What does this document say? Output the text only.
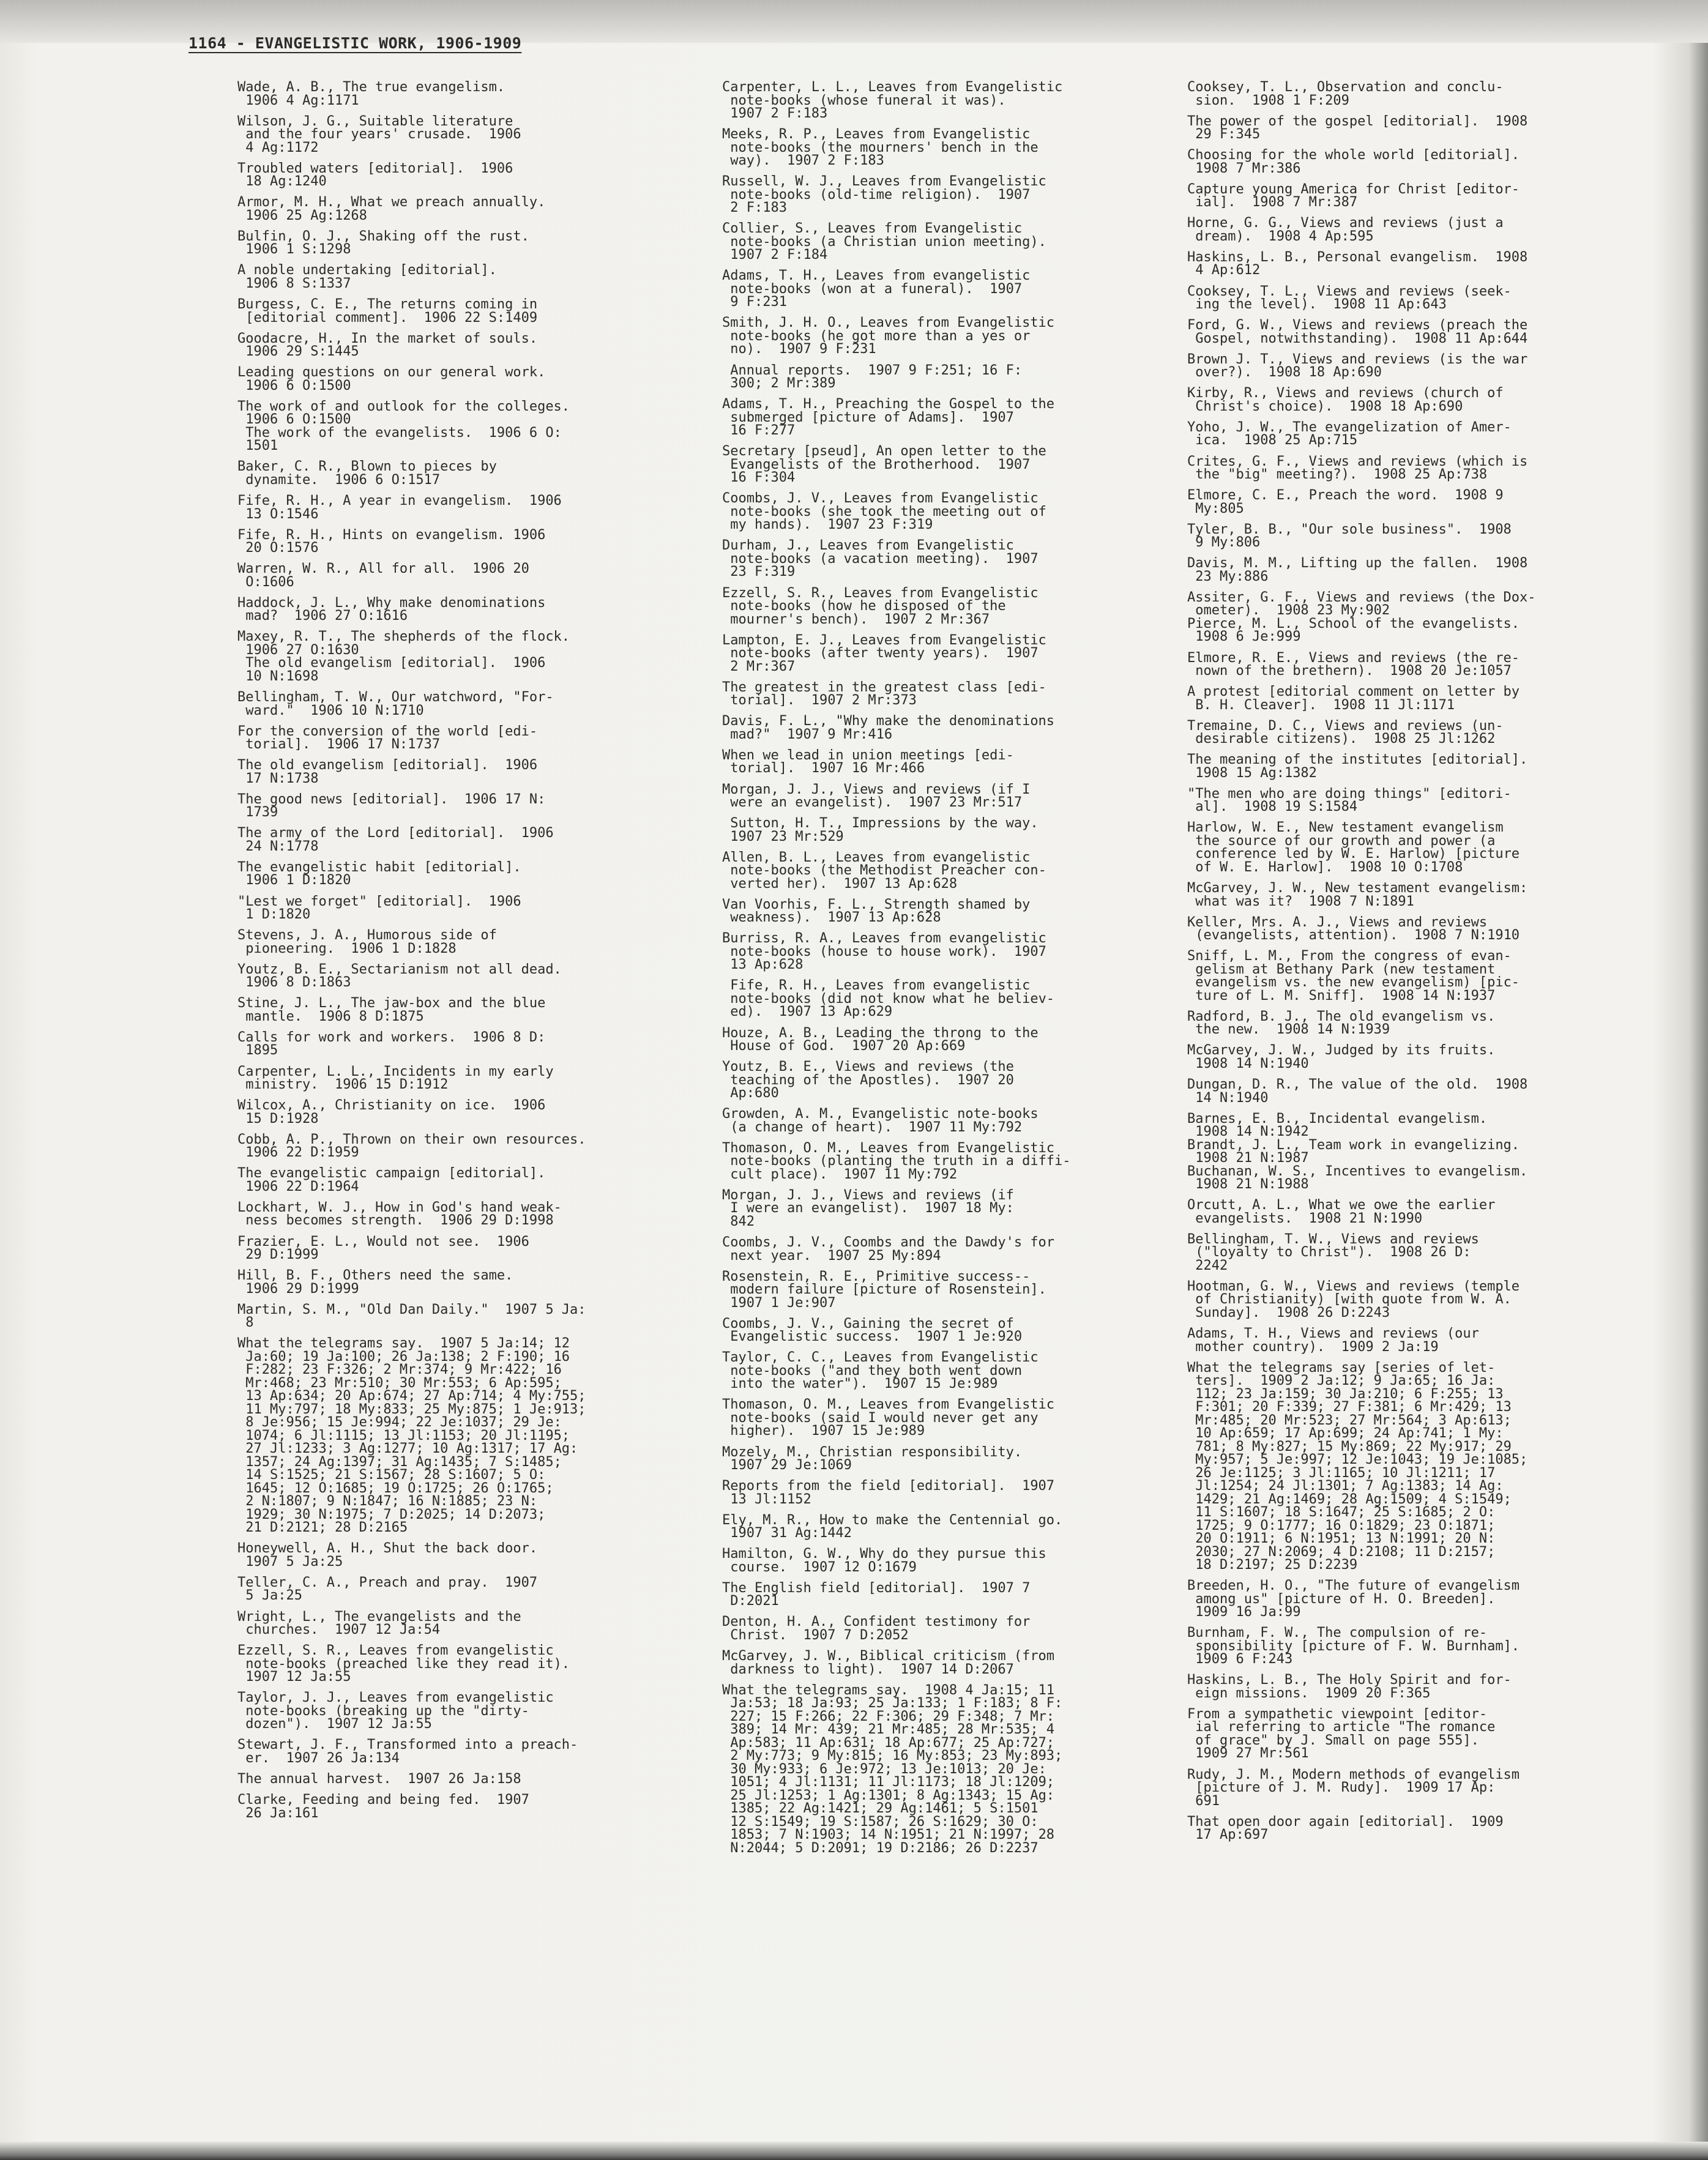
1164 - EVANGELISTIC WORK, 1906-1909
Wade, A. B., The true evangelism.
1906 4 Ag:1171
Wilson, J. G., Suitable literature
and the four years' crusade.  1906
4 Ag:1172
Troubled waters [editorial].  1906
18 Ag:1240
Armor, M. H., What we preach annually.
1906 25 Ag:1268
Bulfin, O. J., Shaking off the rust.
1906 1 S:1298
A noble undertaking [editorial].
1906 8 S:1337
Burgess, C. E., The returns coming in
[editorial comment].  1906 22 S:1409
Goodacre, H., In the market of souls.
1906 29 S:1445
Leading questions on our general work.
1906 6 O:1500
The work of and outlook for the colleges.
1906 6 O:1500
The work of the evangelists.  1906 6 O:
1501
Baker, C. R., Blown to pieces by
dynamite.  1906 6 O:1517
Fife, R. H., A year in evangelism.  1906
13 O:1546
Fife, R. H., Hints on evangelism. 1906
20 O:1576
Warren, W. R., All for all.  1906 20
O:1606
Haddock, J. L., Why make denominations
mad?  1906 27 O:1616
Maxey, R. T., The shepherds of the flock.
1906 27 O:1630
The old evangelism [editorial].  1906
10 N:1698
Bellingham, T. W., Our watchword, "For-
ward."  1906 10 N:1710
For the conversion of the world [edi-
torial].  1906 17 N:1737
The old evangelism [editorial].  1906
17 N:1738
The good news [editorial].  1906 17 N:
1739
The army of the Lord [editorial].  1906
24 N:1778
The evangelistic habit [editorial].
1906 1 D:1820
"Lest we forget" [editorial].  1906
1 D:1820
Stevens, J. A., Humorous side of
pioneering.  1906 1 D:1828
Youtz, B. E., Sectarianism not all dead.
1906 8 D:1863
Stine, J. L., The jaw-box and the blue
mantle.  1906 8 D:1875
Calls for work and workers.  1906 8 D:
1895
Carpenter, L. L., Incidents in my early
ministry.  1906 15 D:1912
Wilcox, A., Christianity on ice.  1906
15 D:1928
Cobb, A. P., Thrown on their own resources.
1906 22 D:1959
The evangelistic campaign [editorial].
1906 22 D:1964
Lockhart, W. J., How in God's hand weak-
ness becomes strength.  1906 29 D:1998
Frazier, E. L., Would not see.  1906
29 D:1999
Hill, B. F., Others need the same.
1906 29 D:1999
Martin, S. M., "Old Dan Daily."  1907 5 Ja:
8
What the telegrams say.  1907 5 Ja:14; 12
Ja:60; 19 Ja:100; 26 Ja:138; 2 F:190; 16
F:282; 23 F:326; 2 Mr:374; 9 Mr:422; 16
Mr:468; 23 Mr:510; 30 Mr:553; 6 Ap:595;
13 Ap:634; 20 Ap:674; 27 Ap:714; 4 My:755;
11 My:797; 18 My:833; 25 My:875; 1 Je:913;
8 Je:956; 15 Je:994; 22 Je:1037; 29 Je:
1074; 6 Jl:1115; 13 Jl:1153; 20 Jl:1195;
27 Jl:1233; 3 Ag:1277; 10 Ag:1317; 17 Ag:
1357; 24 Ag:1397; 31 Ag:1435; 7 S:1485;
14 S:1525; 21 S:1567; 28 S:1607; 5 O:
1645; 12 O:1685; 19 O:1725; 26 O:1765;
2 N:1807; 9 N:1847; 16 N:1885; 23 N:
1929; 30 N:1975; 7 D:2025; 14 D:2073;
21 D:2121; 28 D:2165
Honeywell, A. H., Shut the back door.
1907 5 Ja:25
Teller, C. A., Preach and pray.  1907
5 Ja:25
Wright, L., The evangelists and the
churches.  1907 12 Ja:54
Ezzell, S. R., Leaves from evangelistic
note-books (preached like they read it).
1907 12 Ja:55
Taylor, J. J., Leaves from evangelistic
note-books (breaking up the "dirty-
dozen").  1907 12 Ja:55
Stewart, J. F., Transformed into a preach-
er.  1907 26 Ja:134
The annual harvest.  1907 26 Ja:158
Clarke, Feeding and being fed.  1907
26 Ja:161
Carpenter, L. L., Leaves from Evangelistic
note-books (whose funeral it was).
1907 2 F:183
Meeks, R. P., Leaves from Evangelistic
note-books (the mourners' bench in the
way).  1907 2 F:183
Russell, W. J., Leaves from Evangelistic
note-books (old-time religion).  1907
2 F:183
Collier, S., Leaves from Evangelistic
note-books (a Christian union meeting).
1907 2 F:184
Adams, T. H., Leaves from evangelistic
note-books (won at a funeral).  1907
9 F:231
Smith, J. H. O., Leaves from Evangelistic
note-books (he got more than a yes or
no).  1907 9 F:231
Annual reports.  1907 9 F:251; 16 F:
300; 2 Mr:389
Adams, T. H., Preaching the Gospel to the
submerged [picture of Adams].  1907
16 F:277
Secretary [pseud], An open letter to the
Evangelists of the Brotherhood.  1907
16 F:304
Coombs, J. V., Leaves from Evangelistic
note-books (she took the meeting out of
my hands).  1907 23 F:319
Durham, J., Leaves from Evangelistic
note-books (a vacation meeting).  1907
23 F:319
Ezzell, S. R., Leaves from Evangelistic
note-books (how he disposed of the
mourner's bench).  1907 2 Mr:367
Lampton, E. J., Leaves from Evangelistic
note-books (after twenty years).  1907
2 Mr:367
The greatest in the greatest class [edi-
torial].  1907 2 Mr:373
Davis, F. L., "Why make the denominations
mad?"  1907 9 Mr:416
When we lead in union meetings [edi-
torial].  1907 16 Mr:466
Morgan, J. J., Views and reviews (if I
were an evangelist).  1907 23 Mr:517
Sutton, H. T., Impressions by the way.
1907 23 Mr:529
Allen, B. L., Leaves from evangelistic
note-books (the Methodist Preacher con-
verted her).  1907 13 Ap:628
Van Voorhis, F. L., Strength shamed by
weakness).  1907 13 Ap:628
Burriss, R. A., Leaves from evangelistic
note-books (house to house work).  1907
13 Ap:628
Fife, R. H., Leaves from evangelistic
note-books (did not know what he believ-
ed).  1907 13 Ap:629
Houze, A. B., Leading the throng to the
House of God.  1907 20 Ap:669
Youtz, B. E., Views and reviews (the
teaching of the Apostles).  1907 20
Ap:680
Growden, A. M., Evangelistic note-books
(a change of heart).  1907 11 My:792
Thomason, O. M., Leaves from Evangelistic
note-books (planting the truth in a diffi-
cult place).  1907 11 My:792
Morgan, J. J., Views and reviews (if
I were an evangelist).  1907 18 My:
842
Coombs, J. V., Coombs and the Dawdy's for
next year.  1907 25 My:894
Rosenstein, R. E., Primitive success--
modern failure [picture of Rosenstein].
1907 1 Je:907
Coombs, J. V., Gaining the secret of
Evangelistic success.  1907 1 Je:920
Taylor, C. C., Leaves from Evangelistic
note-books ("and they both went down
into the water").  1907 15 Je:989
Thomason, O. M., Leaves from Evangelistic
note-books (said I would never get any
higher).  1907 15 Je:989
Mozely, M., Christian responsibility.
1907 29 Je:1069
Reports from the field [editorial].  1907
13 Jl:1152
Ely, M. R., How to make the Centennial go.
1907 31 Ag:1442
Hamilton, G. W., Why do they pursue this
course.  1907 12 O:1679
The English field [editorial].  1907 7
D:2021
Denton, H. A., Confident testimony for
Christ.  1907 7 D:2052
McGarvey, J. W., Biblical criticism (from
darkness to light).  1907 14 D:2067
What the telegrams say.  1908 4 Ja:15; 11
Ja:53; 18 Ja:93; 25 Ja:133; 1 F:183; 8 F:
227; 15 F:266; 22 F:306; 29 F:348; 7 Mr:
389; 14 Mr: 439; 21 Mr:485; 28 Mr:535; 4
Ap:583; 11 Ap:631; 18 Ap:677; 25 Ap:727;
2 My:773; 9 My:815; 16 My:853; 23 My:893;
30 My:933; 6 Je:972; 13 Je:1013; 20 Je:
1051; 4 Jl:1131; 11 Jl:1173; 18 Jl:1209;
25 Jl:1253; 1 Ag:1301; 8 Ag:1343; 15 Ag:
1385; 22 Ag:1421; 29 Ag:1461; 5 S:1501
12 S:1549; 19 S:1587; 26 S:1629; 30 O:
1853; 7 N:1903; 14 N:1951; 21 N:1997; 28
N:2044; 5 D:2091; 19 D:2186; 26 D:2237
Cooksey, T. L., Observation and conclu-
sion.  1908 1 F:209
The power of the gospel [editorial].  1908
29 F:345
Choosing for the whole world [editorial].
1908 7 Mr:386
Capture young America for Christ [editor-
ial].  1908 7 Mr:387
Horne, G. G., Views and reviews (just a
dream).  1908 4 Ap:595
Haskins, L. B., Personal evangelism.  1908
4 Ap:612
Cooksey, T. L., Views and reviews (seek-
ing the level).  1908 11 Ap:643
Ford, G. W., Views and reviews (preach the
Gospel, notwithstanding).  1908 11 Ap:644
Brown J. T., Views and reviews (is the war
over?).  1908 18 Ap:690
Kirby, R., Views and reviews (church of
Christ's choice).  1908 18 Ap:690
Yoho, J. W., The evangelization of Amer-
ica.  1908 25 Ap:715
Crites, G. F., Views and reviews (which is
the "big" meeting?).  1908 25 Ap:738
Elmore, C. E., Preach the word.  1908 9
My:805
Tyler, B. B., "Our sole business".  1908
9 My:806
Davis, M. M., Lifting up the fallen.  1908
23 My:886
Assiter, G. F., Views and reviews (the Dox-
ometer).  1908 23 My:902
Pierce, M. L., School of the evangelists.
1908 6 Je:999
Elmore, R. E., Views and reviews (the re-
nown of the brethern).  1908 20 Je:1057
A protest [editorial comment on letter by
B. H. Cleaver].  1908 11 Jl:1171
Tremaine, D. C., Views and reviews (un-
desirable citizens).  1908 25 Jl:1262
The meaning of the institutes [editorial].
1908 15 Ag:1382
"The men who are doing things" [editori-
al].  1908 19 S:1584
Harlow, W. E., New testament evangelism
the source of our growth and power (a
conference led by W. E. Harlow) [picture
of W. E. Harlow].  1908 10 O:1708
McGarvey, J. W., New testament evangelism:
what was it?  1908 7 N:1891
Keller, Mrs. A. J., Views and reviews
(evangelists, attention).  1908 7 N:1910
Sniff, L. M., From the congress of evan-
gelism at Bethany Park (new testament
evangelism vs. the new evangelism) [pic-
ture of L. M. Sniff].  1908 14 N:1937
Radford, B. J., The old evangelism vs.
the new.  1908 14 N:1939
McGarvey, J. W., Judged by its fruits.
1908 14 N:1940
Dungan, D. R., The value of the old.  1908
14 N:1940
Barnes, E. B., Incidental evangelism.
1908 14 N:1942
Brandt, J. L., Team work in evangelizing.
1908 21 N:1987
Buchanan, W. S., Incentives to evangelism.
1908 21 N:1988
Orcutt, A. L., What we owe the earlier
evangelists.  1908 21 N:1990
Bellingham, T. W., Views and reviews
("loyalty to Christ").  1908 26 D:
2242
Hootman, G. W., Views and reviews (temple
of Christianity) [with quote from W. A.
Sunday].  1908 26 D:2243
Adams, T. H., Views and reviews (our
mother country).  1909 2 Ja:19
What the telegrams say [series of let-
ters].  1909 2 Ja:12; 9 Ja:65; 16 Ja:
112; 23 Ja:159; 30 Ja:210; 6 F:255; 13
F:301; 20 F:339; 27 F:381; 6 Mr:429; 13
Mr:485; 20 Mr:523; 27 Mr:564; 3 Ap:613;
10 Ap:659; 17 Ap:699; 24 Ap:741; 1 My:
781; 8 My:827; 15 My:869; 22 My:917; 29
My:957; 5 Je:997; 12 Je:1043; 19 Je:1085;
26 Je:1125; 3 Jl:1165; 10 Jl:1211; 17
Jl:1254; 24 Jl:1301; 7 Ag:1383; 14 Ag:
1429; 21 Ag:1469; 28 Ag:1509; 4 S:1549;
11 S:1607; 18 S:1647; 25 S:1685; 2 O:
1725; 9 O:1777; 16 O:1829; 23 O:1871;
20 O:1911; 6 N:1951; 13 N:1991; 20 N:
2030; 27 N:2069; 4 D:2108; 11 D:2157;
18 D:2197; 25 D:2239
Breeden, H. O., "The future of evangelism
among us" [picture of H. O. Breeden].
1909 16 Ja:99
Burnham, F. W., The compulsion of re-
sponsibility [picture of F. W. Burnham].
1909 6 F:243
Haskins, L. B., The Holy Spirit and for-
eign missions.  1909 20 F:365
From a sympathetic viewpoint [editor-
ial referring to article "The romance
of grace" by J. Small on page 555].
1909 27 Mr:561
Rudy, J. M., Modern methods of evangelism
[picture of J. M. Rudy].  1909 17 Ap:
691
That open door again [editorial].  1909
17 Ap:697
